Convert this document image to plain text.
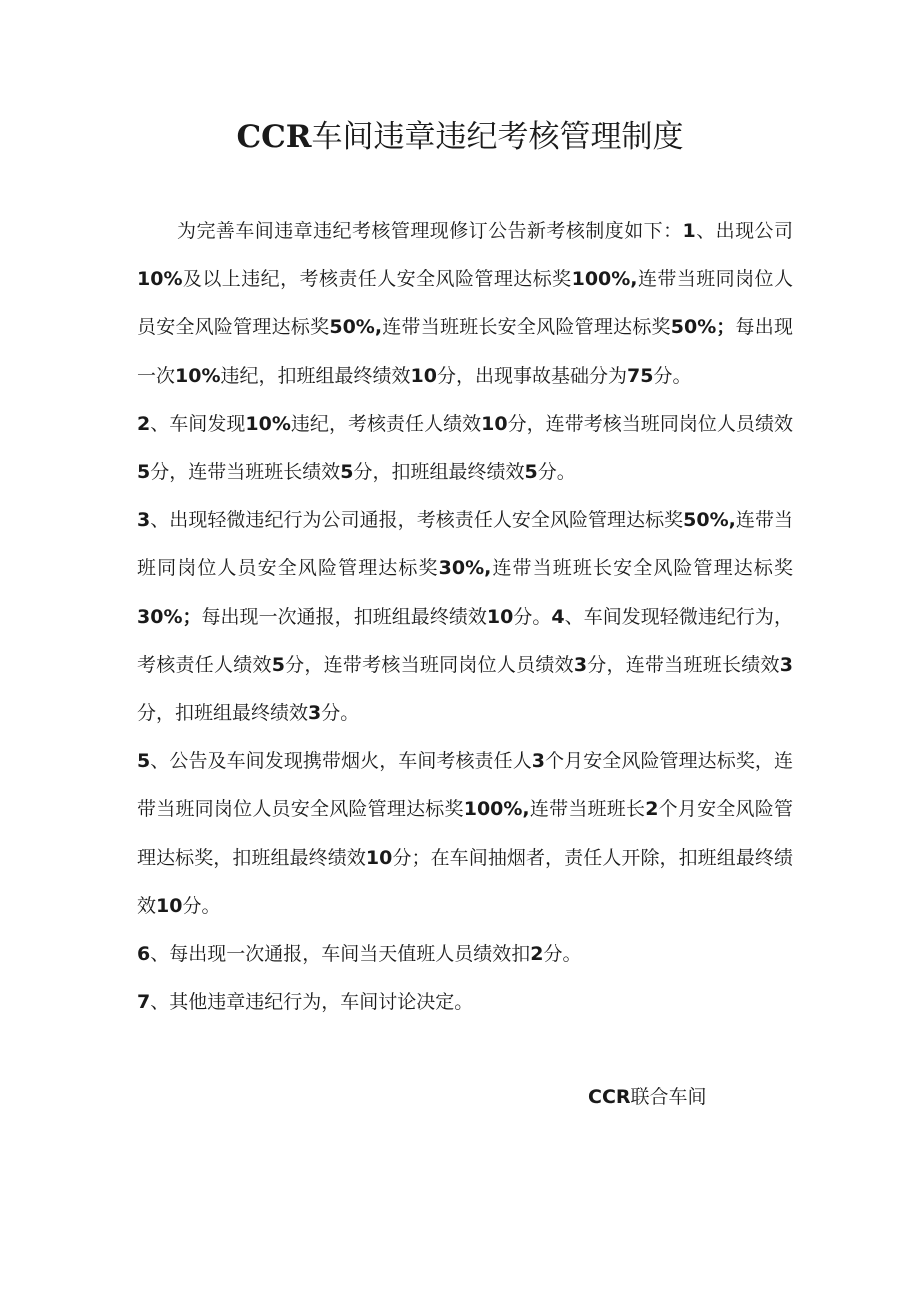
CCR车间违章违纪考核管理制度

为完善车间违章违纪考核管理现修订公告新考核制度如下：1、出现公司10%及以上违纪，考核责任人安全风险管理达标奖100%,连带当班同岗位人员安全风险管理达标奖50%,连带当班班长安全风险管理达标奖50%；每出现一次10%违纪，扣班组最终绩效10分，出现事故基础分为75分。

2、车间发现10%违纪，考核责任人绩效10分，连带考核当班同岗位人员绩效5分，连带当班班长绩效5分，扣班组最终绩效5分。

3、出现轻微违纪行为公司通报，考核责任人安全风险管理达标奖50%,连带当班同岗位人员安全风险管理达标奖30%,连带当班班长安全风险管理达标奖30%；每出现一次通报，扣班组最终绩效10分。4、车间发现轻微违纪行为，考核责任人绩效5分，连带考核当班同岗位人员绩效3分，连带当班班长绩效3分，扣班组最终绩效3分。

5、公告及车间发现携带烟火，车间考核责任人3个月安全风险管理达标奖，连带当班同岗位人员安全风险管理达标奖100%,连带当班班长2个月安全风险管理达标奖，扣班组最终绩效10分；在车间抽烟者，责任人开除，扣班组最终绩效10分。

6、每出现一次通报，车间当天值班人员绩效扣2分。

7、其他违章违纪行为，车间讨论决定。

CCR联合车间
